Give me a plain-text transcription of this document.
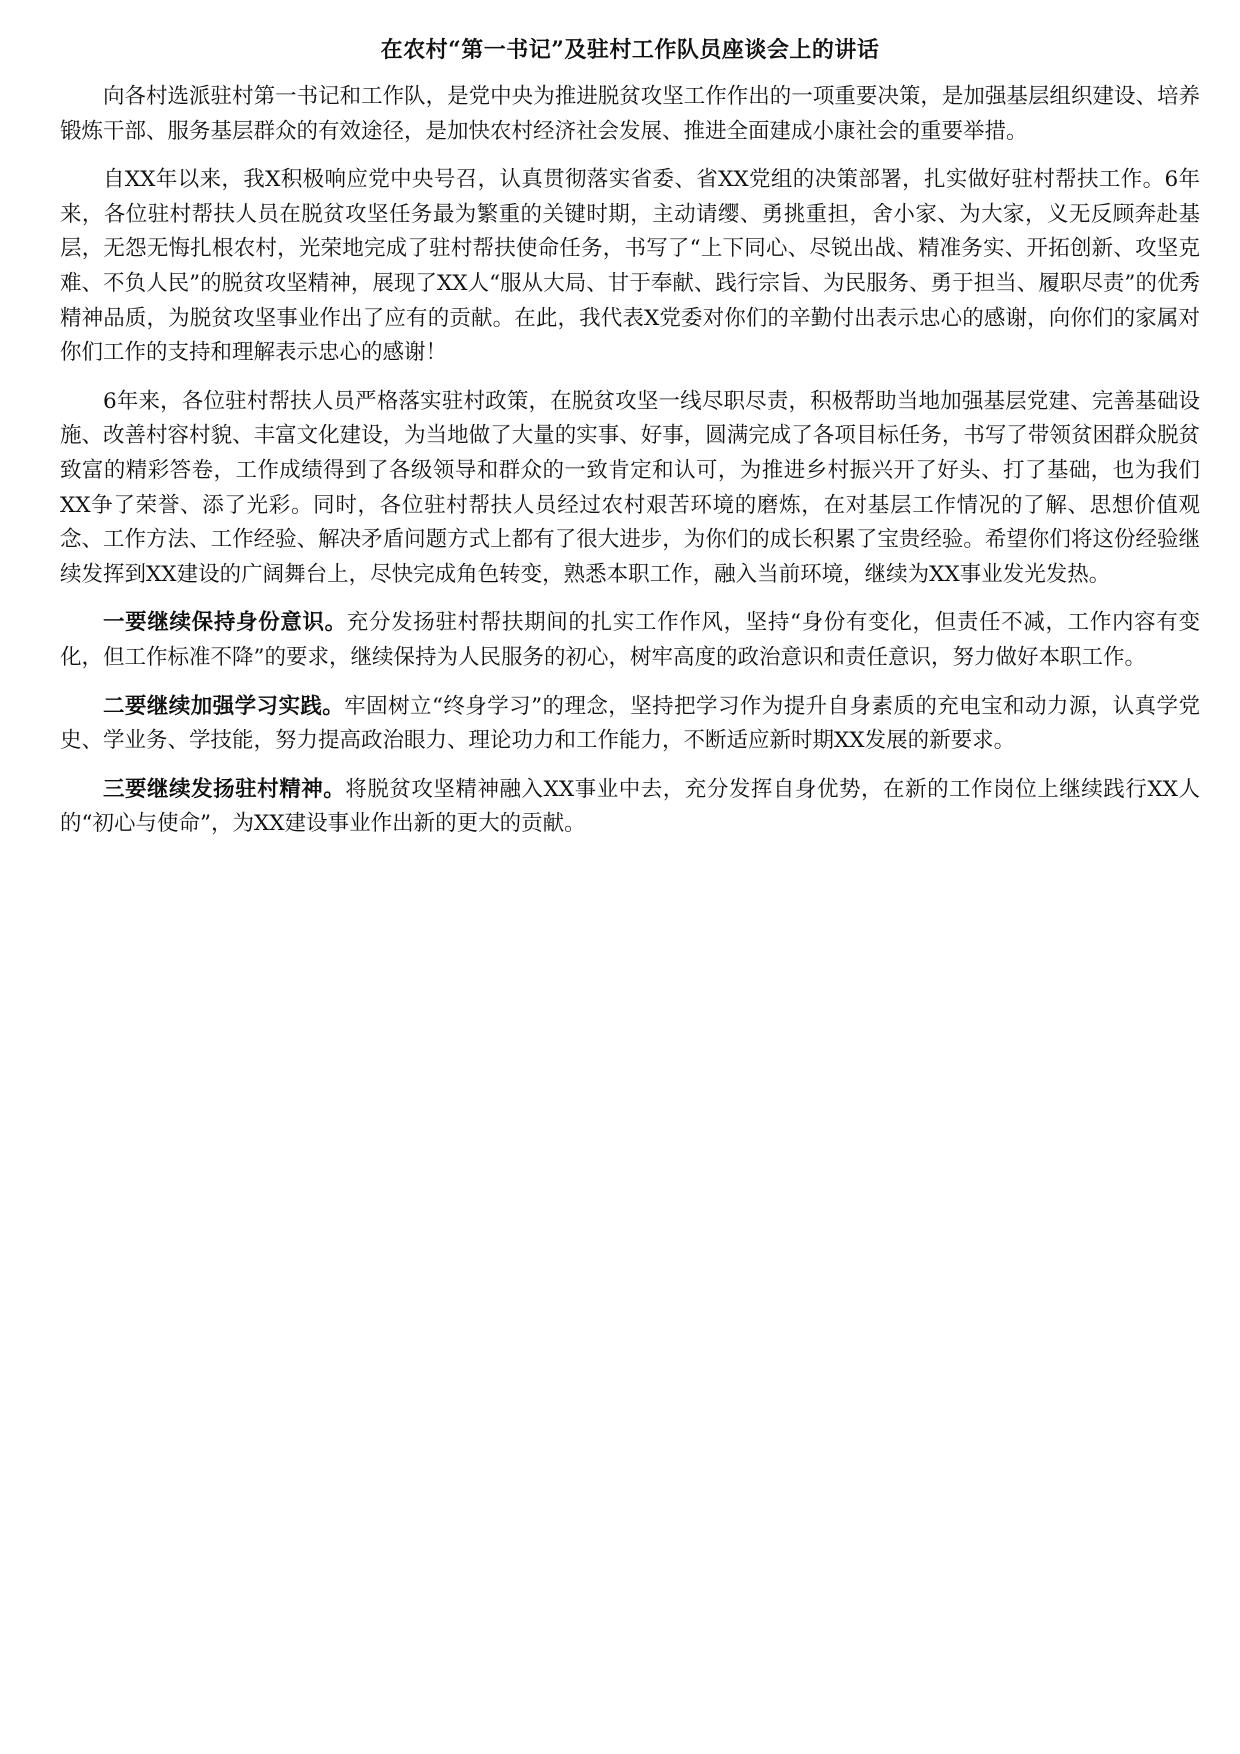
在农村“第一书记”及驻村工作队员座谈会上的讲话

向各村选派驻村第一书记和工作队，是党中央为推进脱贫攻坚工作作出的一项重要决策，是加强基层组织建设、培养锻炼干部、服务基层群众的有效途径，是加快农村经济社会发展、推进全面建成小康社会的重要举措。

自XX年以来，我X积极响应党中央号召，认真贯彻落实省委、省XX党组的决策部署，扎实做好驻村帮扶工作。6年来，各位驻村帮扶人员在脱贫攻坚任务最为繁重的关键时期，主动请缨、勇挑重担，舍小家、为大家，义无反顾奔赴基层，无怨无悔扎根农村，光荣地完成了驻村帮扶使命任务，书写了“上下同心、尽锐出战、精准务实、开拓创新、攻坚克难、不负人民”的脱贫攻坚精神，展现了XX人“服从大局、甘于奉献、践行宗旨、为民服务、勇于担当、履职尽责”的优秀精神品质，为脱贫攻坚事业作出了应有的贡献。在此，我代表X党委对你们的辛勤付出表示忠心的感谢，向你们的家属对你们工作的支持和理解表示忠心的感谢！

6年来，各位驻村帮扶人员严格落实驻村政策，在脱贫攻坚一线尽职尽责，积极帮助当地加强基层党建、完善基础设施、改善村容村貌、丰富文化建设，为当地做了大量的实事、好事，圆满完成了各项目标任务，书写了带领贫困群众脱贫致富的精彩答卷，工作成绩得到了各级领导和群众的一致肯定和认可，为推进乡村振兴开了好头、打了基础，也为我们XX争了荣誉、添了光彩。同时，各位驻村帮扶人员经过农村艰苦环境的磨炼，在对基层工作情况的了解、思想价值观念、工作方法、工作经验、解决矛盾问题方式上都有了很大进步，为你们的成长积累了宝贵经验。希望你们将这份经验继续发挥到XX建设的广阔舞台上，尽快完成角色转变，熟悉本职工作，融入当前环境，继续为XX事业发光发热。

一要继续保持身份意识。充分发扬驻村帮扶期间的扎实工作作风，坚持“身份有变化，但责任不减，工作内容有变化，但工作标准不降”的要求，继续保持为人民服务的初心，树牢高度的政治意识和责任意识，努力做好本职工作。

二要继续加强学习实践。牢固树立“终身学习”的理念，坚持把学习作为提升自身素质的充电宝和动力源，认真学党史、学业务、学技能，努力提高政治眼力、理论功力和工作能力，不断适应新时期XX发展的新要求。

三要继续发扬驻村精神。将脱贫攻坚精神融入XX事业中去，充分发挥自身优势，在新的工作岗位上继续践行XX人的“初心与使命”，为XX建设事业作出新的更大的贡献。
